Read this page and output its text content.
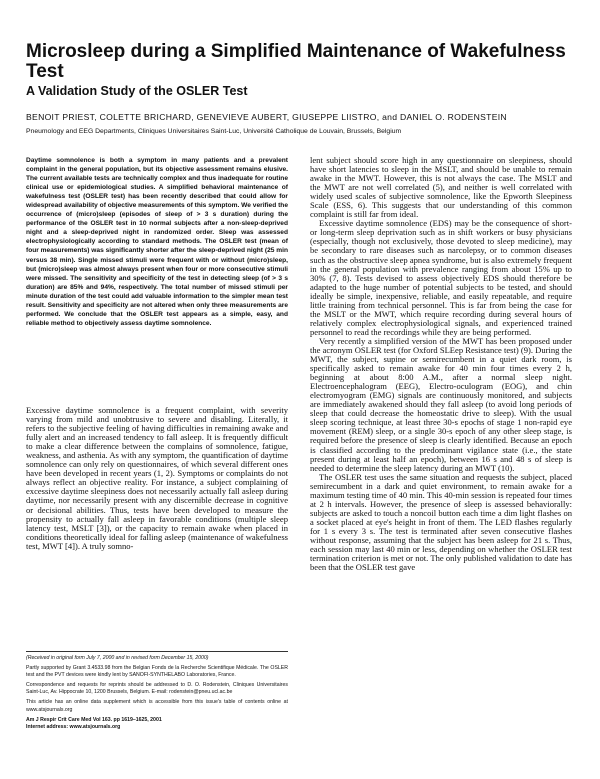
Microsleep during a Simplified Maintenance of Wakefulness Test
A Validation Study of the OSLER Test

BENOIT PRIEST, COLETTE BRICHARD, GENEVIEVE AUBERT, GIUSEPPE LIISTRO, and DANIEL O. RODENSTEIN

Pneumology and EEG Departments, Cliniques Universitaires Saint-Luc, Université Catholique de Louvain, Brussels, Belgium

Daytime somnolence is both a symptom in many patients and a prevalent complaint in the general population, but its objective assessment remains elusive. The current available tests are technically complex and thus inadequate for routine clinical use or epidemiological studies. A simplified behavioral maintenance of wakefulness test (OSLER test) has been recently described that could allow for widespread availability of objective measurements of this symptom. We verified the occurrence of (micro)sleep (episodes of sleep of > 3 s duration) during the performance of the OSLER test in 10 normal subjects after a non-sleep-deprived night and a sleep-deprived night in randomized order. Sleep was assessed electrophysiologically according to standard methods. The OSLER test (mean of four measurements) was significantly shorter after the sleep-deprived night (25 min versus 38 min). Single missed stimuli were frequent with or without (micro)sleep, but (micro)sleep was almost always present when four or more consecutive stimuli were missed. The sensitivity and specificity of the test in detecting sleep (of > 3 s duration) are 85% and 94%, respectively. The total number of missed stimuli per minute duration of the test could add valuable information to the simpler mean test result. Sensitivity and specificity are not altered when only three measurements are performed. We conclude that the OSLER test appears as a simple, easy, and reliable method to objectively assess daytime somnolence.

Excessive daytime somnolence is a frequent complaint, with severity varying from mild and unobtrusive to severe and disabling. Literally, it refers to the subjective feeling of having difficulties in remaining awake and fully alert and an increased tendency to fall asleep. It is frequently difficult to make a clear difference between the complains of somnolence, fatigue, weakness, and asthenia. As with any symptom, the quantification of daytime somnolence can only rely on questionnaires, of which several different ones have been developed in recent years (1, 2). Symptoms or complaints do not always reflect an objective reality. For instance, a subject complaining of excessive daytime sleepiness does not necessarily actually fall asleep during daytime, nor necessarily present with any discernible decrease in cognitive or decisional abilities. Thus, tests have been developed to measure the propensity to actually fall asleep in favorable conditions (multiple sleep latency test, MSLT [3]), or the capacity to remain awake when placed in conditions theoretically ideal for falling asleep (maintenance of wakefulness test, MWT [4]). A truly somno-

lent subject should score high in any questionnaire on sleepiness, should have short latencies to sleep in the MSLT, and should be unable to remain awake in the MWT. However, this is not always the case. The MSLT and the MWT are not well correlated (5), and neither is well correlated with widely used scales of subjective somnolence, like the Epworth Sleepiness Scale (ESS, 6). This suggests that our understanding of this common complaint is still far from ideal.

Excessive daytime somnolence (EDS) may be the consequence of short- or long-term sleep deprivation such as in shift workers or busy physicians (especially, though not exclusively, those devoted to sleep medicine), may be secondary to rare diseases such as narcolepsy, or to common diseases such as the obstructive sleep apnea syndrome, but is also extremely frequent in the general population with prevalence ranging from about 15% up to 30% (7, 8). Tests devised to assess objectively EDS should therefore be adapted to the huge number of potential subjects to be tested, and should ideally be simple, inexpensive, reliable, and easily repeatable, and require little training from technical personnel. This is far from being the case for the MSLT or the MWT, which require recording during several hours of relatively complex electrophysiological signals, and experienced trained personnel to read the recordings while they are being performed.

Very recently a simplified version of the MWT has been proposed under the acronym OSLER test (for Oxford SLEep Resistance test) (9). During the MWT, the subject, supine or semirecumbent in a quiet dark room, is specifically asked to remain awake for 40 min four times every 2 h, beginning at about 8:00 A.M., after a normal sleep night. Electroencephalogram (EEG), Electro-oculogram (EOG), and chin electromyogram (EMG) signals are continuously monitored, and subjects are immediately awakened should they fall asleep (to avoid long periods of sleep that could decrease the homeostatic drive to sleep). With the usual sleep scoring technique, at least three 30-s epochs of stage 1 non-rapid eye movement (REM) sleep, or a single 30-s epoch of any other sleep stage, is required before the presence of sleep is clearly identified. Because an epoch is classified according to the predominant vigilance state (i.e., the state present during at least half an epoch), between 16 s and 48 s of sleep is needed to determine the sleep latency during an MWT (10).

The OSLER test uses the same situation and requests the subject, placed semirecumbent in a dark and quiet environment, to remain awake for a maximum testing time of 40 min. This 40-min session is repeated four times at 2 h intervals. However, the presence of sleep is assessed behaviorally: subjects are asked to touch a noncoil button each time a dim light flashes on a socket placed at eye's height in front of them. The LED flashes regularly for 1 s every 3 s. The test is terminated after seven consecutive flashes without response, assuming that the subject has been asleep for 21 s. Thus, each session may last 40 min or less, depending on whether the OSLER test termination criterion is met or not. The only published validation to date has been that the OSLER test gave

(Received in original form July 7, 2000 and in revised form December 15, 2000)

Partly supported by Grant 3.4533.98 from the Belgian Fonds de la Recherche Scientifique Médicale. The OSLER test and the PVT devices were kindly lent by SANOFI-SYNTHELABO Laboratories, France.

Correspondence and requests for reprints should be addressed to D. O. Rodenstein, Cliniques Universitaires Saint-Luc, Av. Hippocrate 10, 1200 Brussels, Belgium. E-mail: rodenstein@pneu.ucl.ac.be

This article has an online data supplement which is accessible from this issue's table of contents online at www.atsjournals.org

Am J Respir Crit Care Med Vol 163. pp 1619–1625, 2001

Internet address: www.atsjournals.org
